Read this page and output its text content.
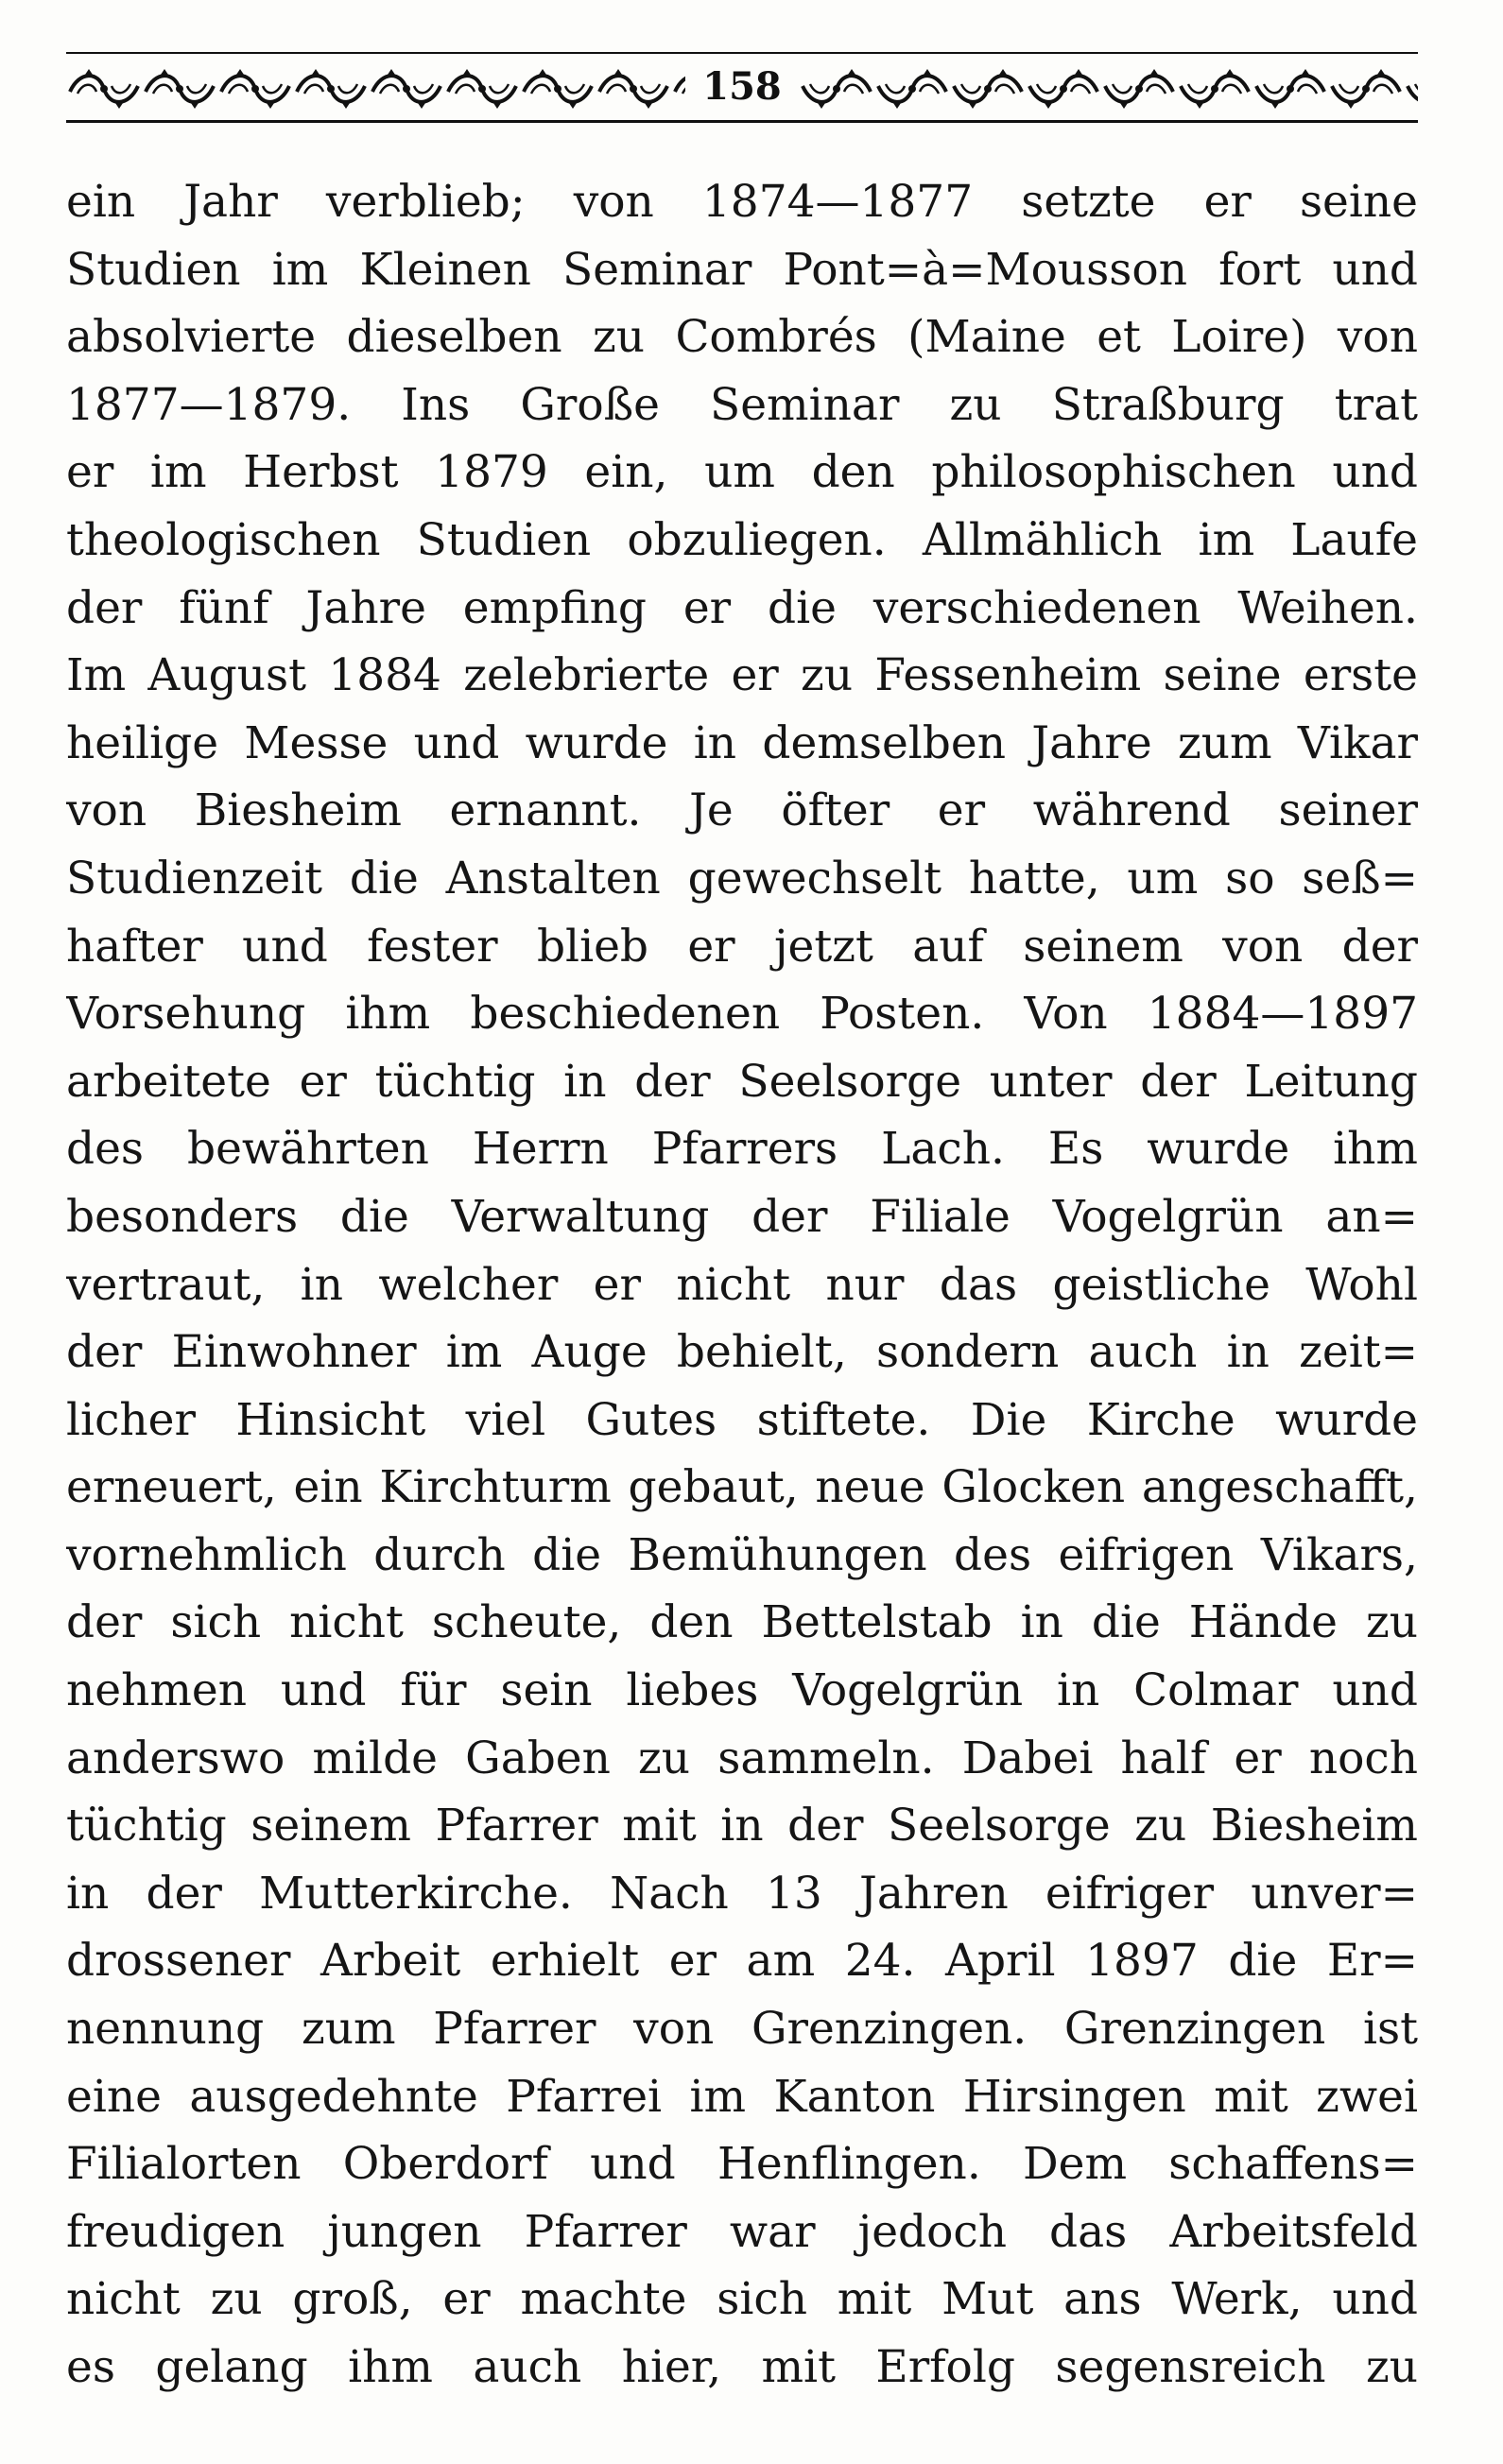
158
ein Jahr verblieb; von 1874—1877 setzte er seine
Studien im Kleinen Seminar Pont=à=Mousson fort und
absolvierte dieselben zu Combrés (Maine et Loire) von
1877—1879. Ins Große Seminar zu Straßburg trat
er im Herbst 1879 ein, um den philosophischen und
theologischen Studien obzuliegen. Allmählich im Laufe
der fünf Jahre empfing er die verschiedenen Weihen.
Im August 1884 zelebrierte er zu Fessenheim seine erste
heilige Messe und wurde in demselben Jahre zum Vikar
von Biesheim ernannt. Je öfter er während seiner
Studienzeit die Anstalten gewechselt hatte, um so seß=
hafter und fester blieb er jetzt auf seinem von der
Vorsehung ihm beschiedenen Posten. Von 1884—1897
arbeitete er tüchtig in der Seelsorge unter der Leitung
des bewährten Herrn Pfarrers Lach. Es wurde ihm
besonders die Verwaltung der Filiale Vogelgrün an=
vertraut, in welcher er nicht nur das geistliche Wohl
der Einwohner im Auge behielt, sondern auch in zeit=
licher Hinsicht viel Gutes stiftete. Die Kirche wurde
erneuert, ein Kirchturm gebaut, neue Glocken angeschafft,
vornehmlich durch die Bemühungen des eifrigen Vikars,
der sich nicht scheute, den Bettelstab in die Hände zu
nehmen und für sein liebes Vogelgrün in Colmar und
anderswo milde Gaben zu sammeln. Dabei half er noch
tüchtig seinem Pfarrer mit in der Seelsorge zu Biesheim
in der Mutterkirche. Nach 13 Jahren eifriger unver=
drossener Arbeit erhielt er am 24. April 1897 die Er=
nennung zum Pfarrer von Grenzingen. Grenzingen ist
eine ausgedehnte Pfarrei im Kanton Hirsingen mit zwei
Filialorten Oberdorf und Henflingen. Dem schaffens=
freudigen jungen Pfarrer war jedoch das Arbeitsfeld
nicht zu groß, er machte sich mit Mut ans Werk, und
es gelang ihm auch hier, mit Erfolg segensreich zu
